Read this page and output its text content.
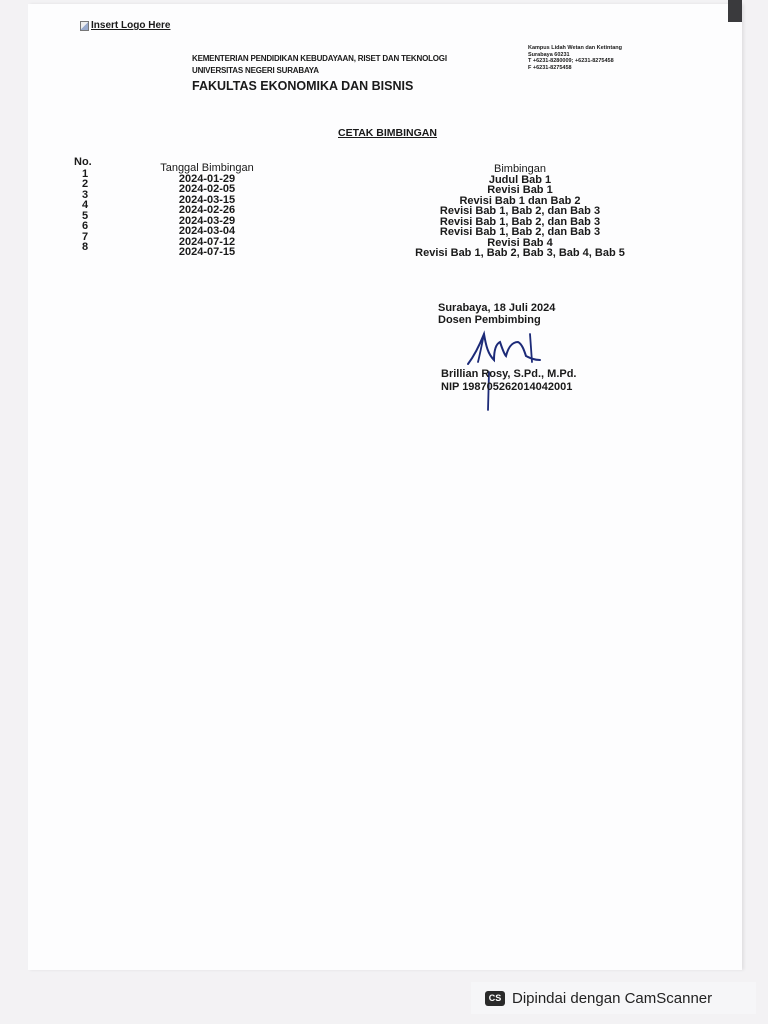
Insert Logo Here
KEMENTERIAN PENDIDIKAN KEBUDAYAAN, RISET DAN TEKNOLOGI
UNIVERSITAS NEGERI SURABAYA
FAKULTAS EKONOMIKA DAN BISNIS
Kampus Lidah Wetan dan Ketintang
Surabaya 60231
T +6231-8280009; +6231-8275458
F +6231-8275458
CETAK BIMBINGAN
No.
1
2
3
4
5
6
7
8
Tanggal Bimbingan
2024-01-29
2024-02-05
2024-03-15
2024-02-26
2024-03-29
2024-03-04
2024-07-12
2024-07-15
Bimbingan
Judul Bab 1
Revisi Bab 1
Revisi Bab 1 dan Bab 2
Revisi Bab 1, Bab 2, dan Bab 3
Revisi Bab 1, Bab 2, dan Bab 3
Revisi Bab 1, Bab 2, dan Bab 3
Revisi Bab 4
Revisi Bab 1, Bab 2, Bab 3, Bab 4, Bab 5
Surabaya, 18 Juli 2024
Dosen Pembimbing
Brillian Rosy, S.Pd., M.Pd.
NIP 198705262014042001
CS Dipindai dengan CamScanner
